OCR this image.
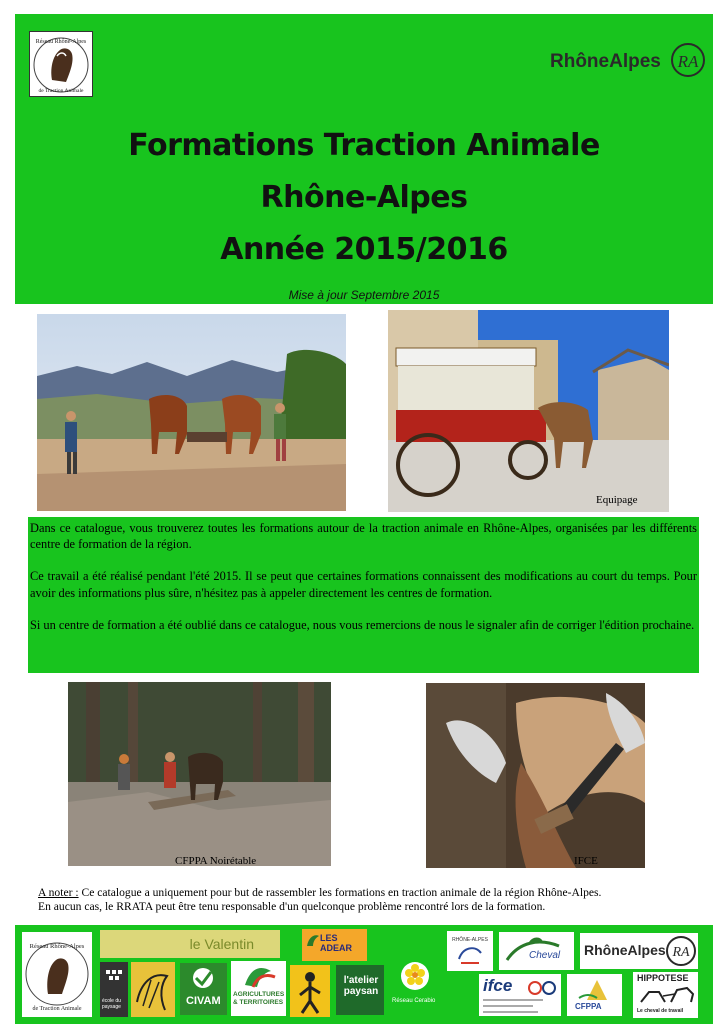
Réseau Rhône-Alpes
de Traction Animale
RhôneAlpes RA
Formations Traction Animale
Rhône-Alpes
Année 2015/2016
Mise à jour Septembre 2015
Equipage

Dans ce catalogue, vous trouverez toutes les formations autour de la traction animale en Rhône-Alpes, organisées par les différents centre de formation de la région.

Ce travail a été réalisé pendant l'été 2015. Il se peut que certaines formations connaissent des modifications au court du temps. Pour avoir des informations plus sûre, n'hésitez pas à appeler directement les centres de formation.

Si un centre de formation a été oublié dans ce catalogue, nous vous remercions de nous le signaler afin de corriger l'édition prochaine.

CFPPA Noirétable	IFCE
A noter : Ce catalogue a uniquement pour but de rassembler les formations en traction animale de la région Rhône-Alpes.
En aucun cas, le RRATA peut être tenu responsable d'un quelconque problème rencontré lors de la formation.
Réseau Rhône-Alpes
de Traction Animale
le Valentin
école du paysage	CIVAM
AGRICULTURES & TERRITOIRES
LES ADEAR
l'atelier paysan
Réseau Cerabio
RHÔNE-ALPES
Cheval RhôneAlpes RA
ifce
CFPPA
HIPPOTESE
Le cheval de travail
